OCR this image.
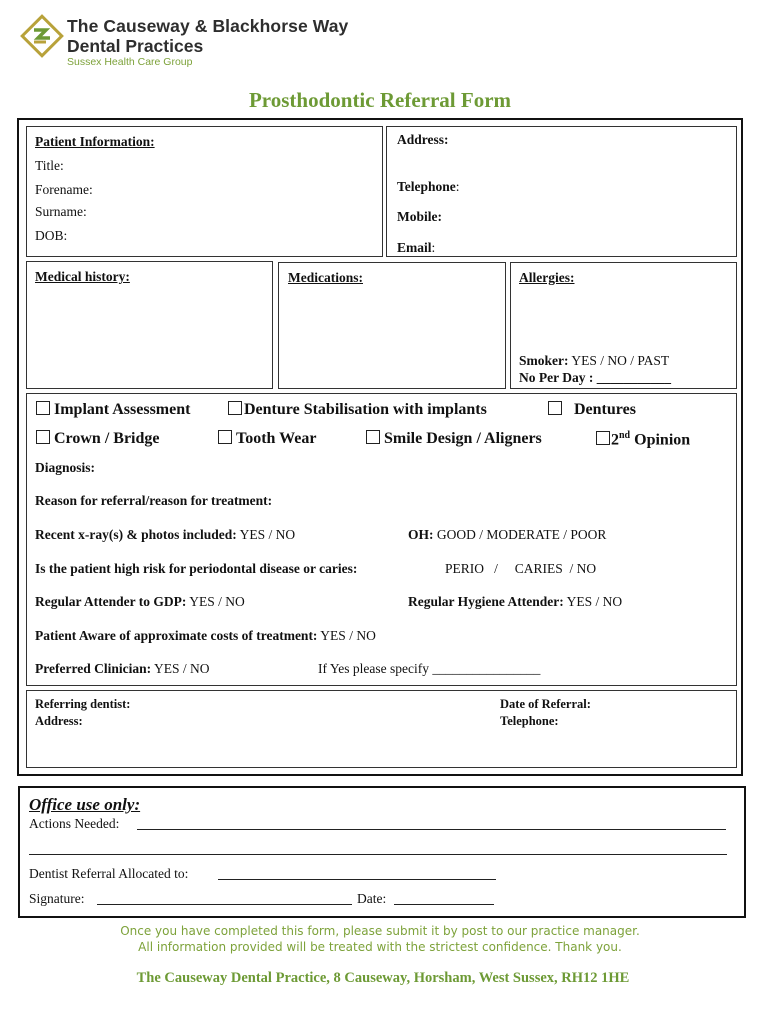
The Causeway & Blackhorse Way
Dental Practices
Sussex Health Care Group
Prosthodontic Referral Form
Patient Information:
Title:
Forename:
Surname:
DOB:
Address:
Telephone:
Mobile:
Email:
Medical history:	Medications:	Allergies:
Smoker: YES / NO / PAST
No Per Day : ___________
Implant Assessment	Denture Stabilisation with implants	Dentures
Crown / Bridge	Tooth Wear	Smile Design / Aligners	2nd Opinion
Diagnosis:
Reason for referral/reason for treatment:
Recent x-ray(s) & photos included: YES / NO	OH: GOOD / MODERATE / POOR
Is the patient high risk for periodontal disease or caries:	PERIO   /     CARIES  / NO
Regular Attender to GDP: YES / NO	Regular Hygiene Attender: YES / NO
Patient Aware of approximate costs of treatment: YES / NO
Preferred Clinician: YES / NO	If Yes please specify ________________
Referring dentist:
Address:
Date of Referral:
Telephone:
Office use only:
Actions Needed:
Dentist Referral Allocated to:
Signature:	Date:
Once you have completed this form, please submit it by post to our practice manager.
All information provided will be treated with the strictest confidence. Thank you.
The Causeway Dental Practice, 8 Causeway, Horsham, West Sussex, RH12 1HE
